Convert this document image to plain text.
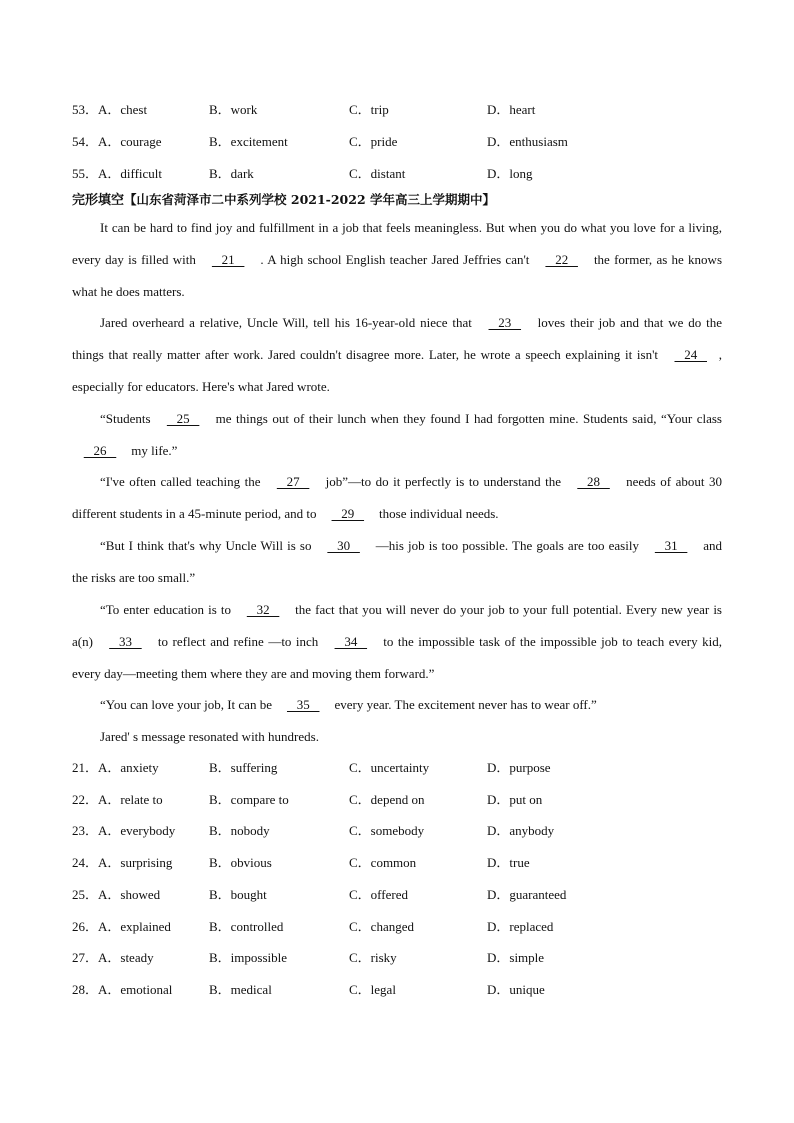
53． A．chest	B．work	C．trip	D．heart
54． A．courage	B．excitement	C．pride	D．enthusiasm
55． A．difficult	B．dark	C．distant	D．long
完形填空【山东省菏泽市二中系列学校 2021-2022 学年高三上学期期中】

It can be hard to find joy and fulfillment in a job that feels meaningless. But when you do what you love for a living, every day is filled with    21    . A high school English teacher Jared Jeffries can't    22    the former, as he knows what he does matters.

Jared overheard a relative, Uncle Will, tell his 16-year-old niece that    23    loves their job and that we do the things that really matter after work. Jared couldn't disagree more. Later, he wrote a speech explaining it isn't    24   , especially for educators. Here's what Jared wrote.

“Students    25    me things out of their lunch when they found I had forgotten mine. Students said, “Your class    26    my life.”

“I've often called teaching the    27    job”—to do it perfectly is to understand the    28    needs of about 30 different students in a 45-minute period, and to    29    those individual needs.

“But I think that's why Uncle Will is so    30    —his job is too possible. The goals are too easily    31    and the risks are too small.”

“To enter education is to    32    the fact that you will never do your job to your full potential. Every new year is a(n)    33    to reflect and refine —to inch    34    to the impossible task of the impossible job to teach every kid, every day—meeting them where they are and moving them forward.”

“You can love your job, It can be    35    every year. The excitement never has to wear off.”

Jared' s message resonated with hundreds.

21． A．anxiety	B．suffering	C．uncertainty	D．purpose
22． A．relate to	B．compare to	C．depend on	D．put on
23． A．everybody	B．nobody	C．somebody	D．anybody
24． A．surprising	B．obvious	C．common	D．true
25． A．showed	B．bought	C．offered	D．guaranteed
26． A．explained	B．controlled	C．changed	D．replaced
27． A．steady	B．impossible	C．risky	D．simple
28． A．emotional	B．medical	C．legal	D．unique
